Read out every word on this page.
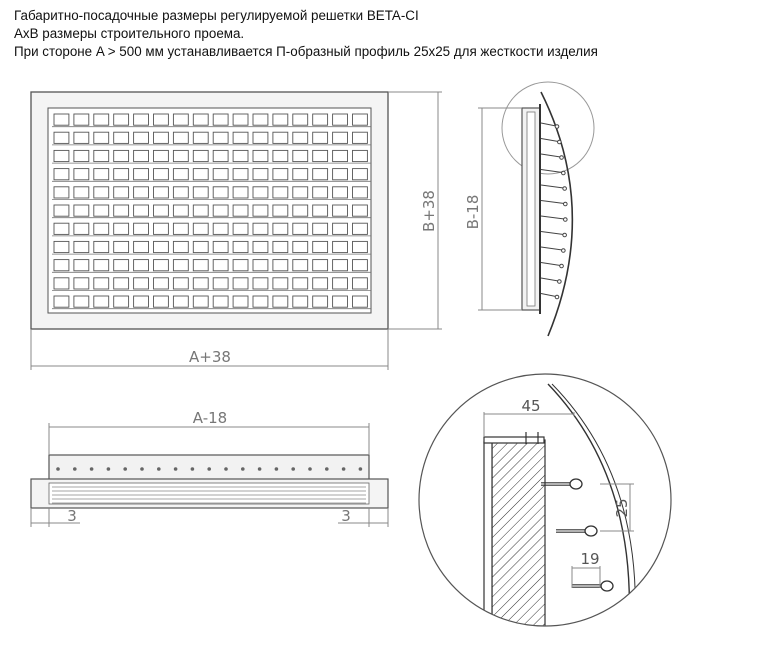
Габаритно-посадочные размеры регулируемой решетки BETA-CI
AxB размеры строительного проема.
При стороне A > 500 мм устанавливается П-образный профиль 25x25 для жесткости изделия
A+38
B+38 B-18
A-18
3	3
45
25
19
